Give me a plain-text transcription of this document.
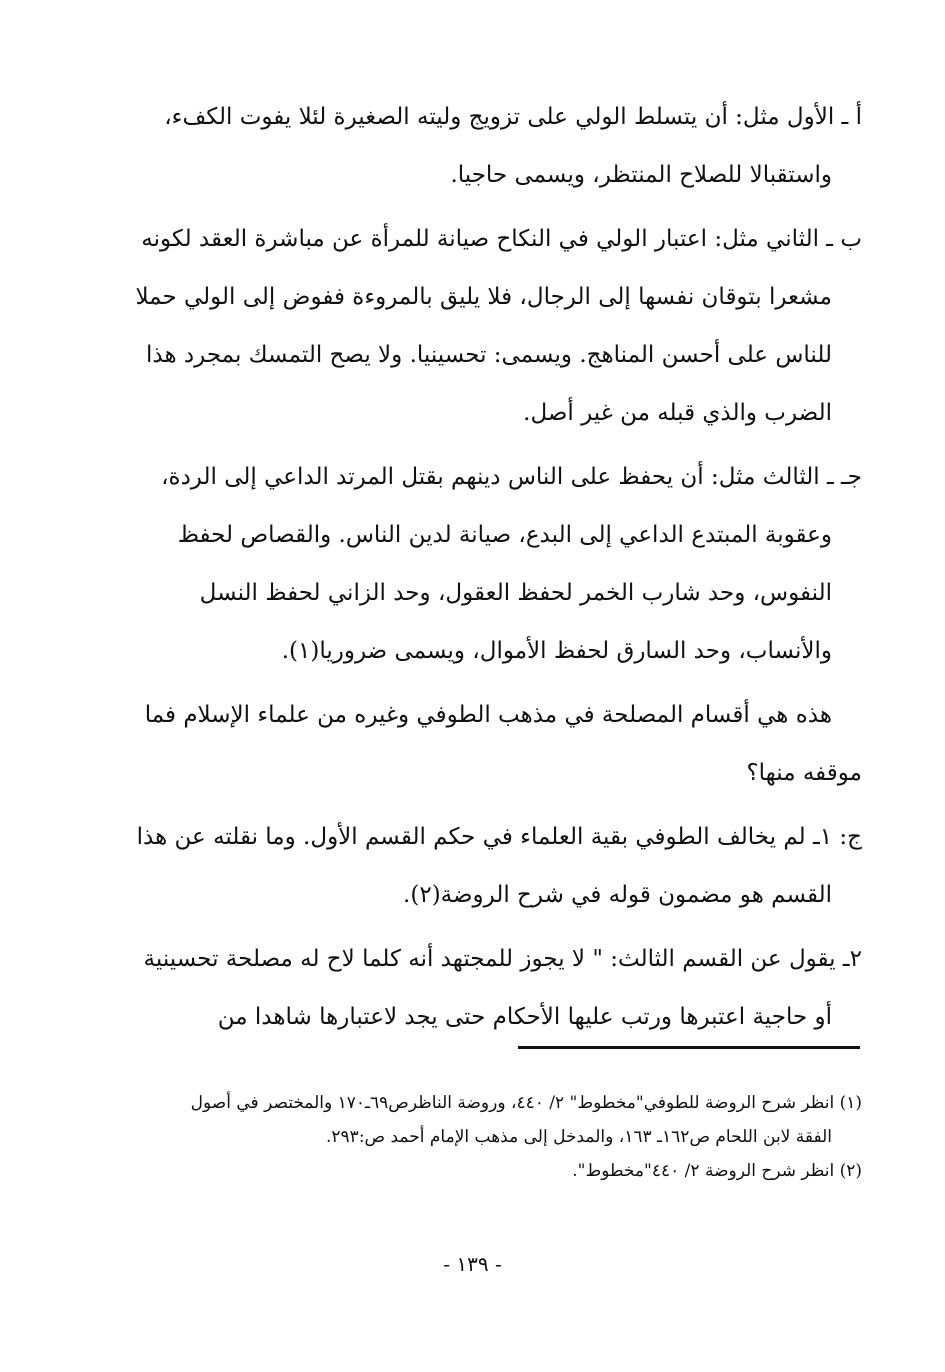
أ ـ الأول مثل: أن يتسلط الولي على تزويج وليته الصغيرة لئلا يفوت الكفء،
واستقبالا للصلاح المنتظر، ويسمى حاجيا.
ب ـ الثاني مثل: اعتبار الولي في النكاح صيانة للمرأة عن مباشرة العقد لكونه
مشعرا بتوقان نفسها إلى الرجال، فلا يليق بالمروءة ففوض إلى الولي حملا
للناس على أحسن المناهج. ويسمى: تحسينيا. ولا يصح التمسك بمجرد هذا
الضرب والذي قبله من غير أصل.
جـ ـ الثالث مثل: أن يحفظ على الناس دينهم بقتل المرتد الداعي إلى الردة،
وعقوبة المبتدع الداعي إلى البدع، صيانة لدين الناس. والقصاص لحفظ
النفوس، وحد شارب الخمر لحفظ العقول، وحد الزاني لحفظ النسل
والأنساب، وحد السارق لحفظ الأموال، ويسمى ضروريا(١).
هذه هي أقسام المصلحة في مذهب الطوفي وغيره من علماء الإسلام فما
موقفه منها؟
ج: ١ـ لم يخالف الطوفي بقية العلماء في حكم القسم الأول. وما نقلته عن هذا
القسم هو مضمون قوله في شرح الروضة(٢).
٢ـ يقول عن القسم الثالث: " لا يجوز للمجتهد أنه كلما لاح له مصلحة تحسينية
أو حاجية اعتبرها ورتب عليها الأحكام حتى يجد لاعتبارها شاهدا من
(١) انظر شرح الروضة للطوفي"مخطوط" ٢/ ٤٤٠، وروضة الناظرص٦٩ـ١٧٠ والمختصر في أصول
الفقة لابن اللحام ص١٦٢ـ ١٦٣، والمدخل إلى مذهب الإمام أحمد ص:٢٩٣.
(٢) انظر شرح الروضة ٢/ ٤٤٠"مخطوط".
- ١٣٩ -
